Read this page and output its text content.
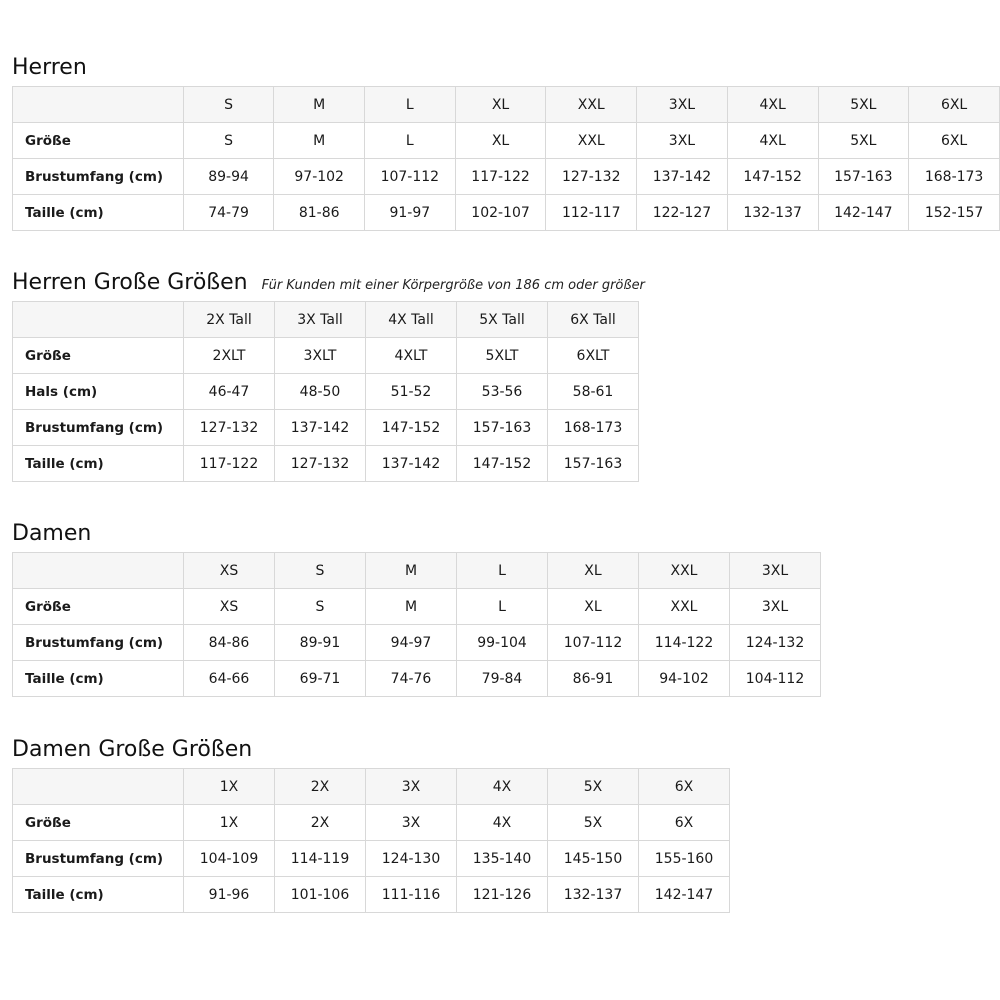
Herren
	S	M	L	XL	XXL	3XL	4XL	5XL	6XL
Größe	S	M	L	XL	XXL	3XL	4XL	5XL	6XL
Brustumfang (cm)	89-94	97-102	107-112	117-122	127-132	137-142	147-152	157-163	168-173
Taille (cm)	74-79	81-86	91-97	102-107	112-117	122-127	132-137	142-147	152-157
Herren Große Größen Für Kunden mit einer Körpergröße von 186 cm oder größer
	2X Tall	3X Tall	4X Tall	5X Tall	6X Tall
Größe	2XLT	3XLT	4XLT	5XLT	6XLT
Hals (cm)	46-47	48-50	51-52	53-56	58-61
Brustumfang (cm)	127-132	137-142	147-152	157-163	168-173
Taille (cm)	117-122	127-132	137-142	147-152	157-163
Damen
	XS	S	M	L	XL	XXL	3XL
Größe	XS	S	M	L	XL	XXL	3XL
Brustumfang (cm)	84-86	89-91	94-97	99-104	107-112	114-122	124-132
Taille (cm)	64-66	69-71	74-76	79-84	86-91	94-102	104-112
Damen Große Größen
	1X	2X	3X	4X	5X	6X
Größe	1X	2X	3X	4X	5X	6X
Brustumfang (cm)	104-109	114-119	124-130	135-140	145-150	155-160
Taille (cm)	91-96	101-106	111-116	121-126	132-137	142-147
